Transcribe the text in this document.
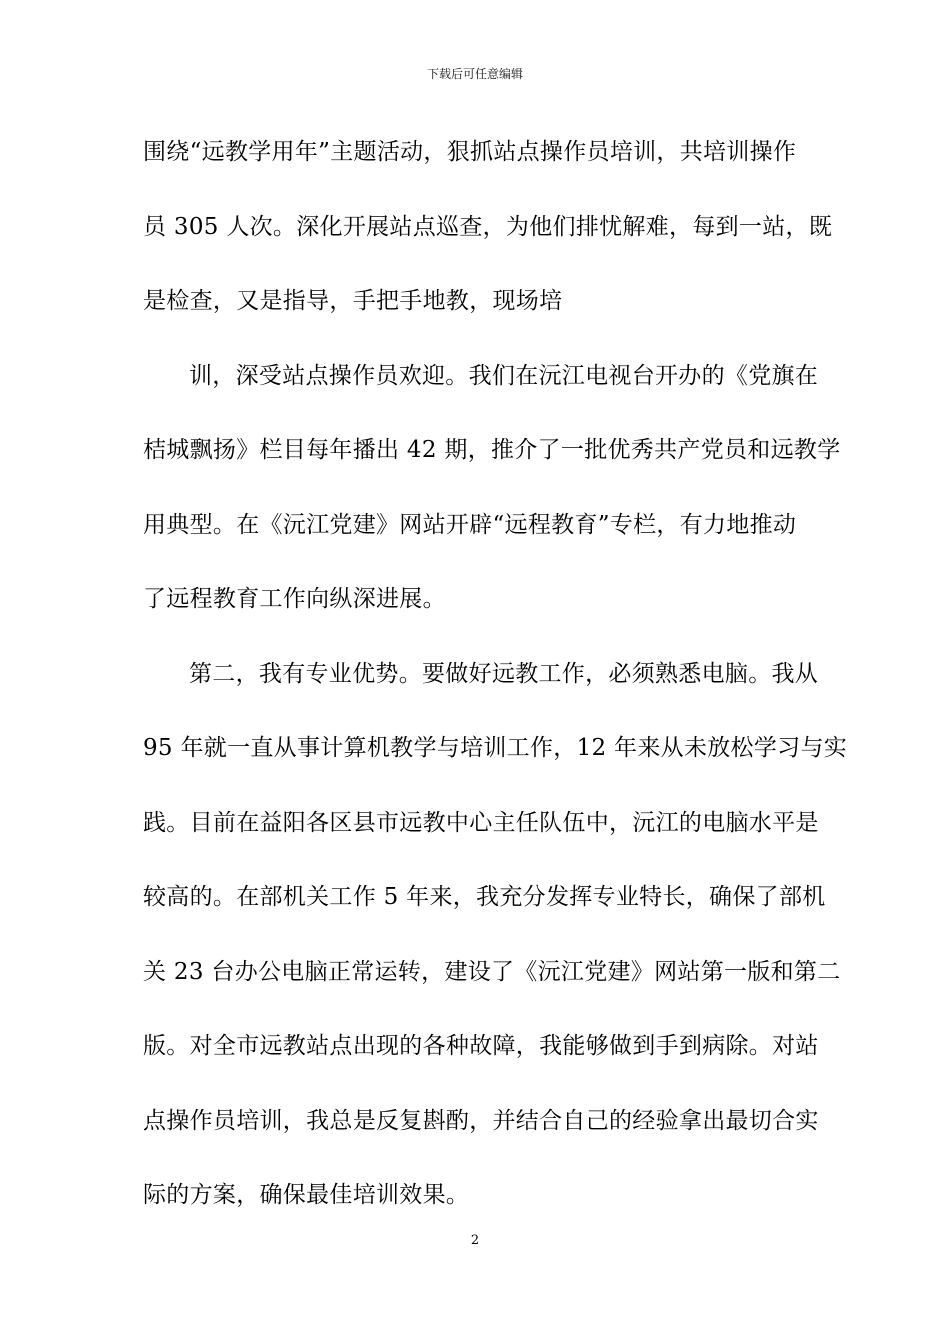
下载后可任意编辑
围绕“远教学用年”主题活动，狠抓站点操作员培训，共培训操作
员 305 人次。深化开展站点巡查，为他们排忧解难，每到一站，既
是检查，又是指导，手把手地教，现场培
训，深受站点操作员欢迎。我们在沅江电视台开办的《党旗在
桔城飘扬》栏目每年播出 42 期，推介了一批优秀共产党员和远教学
用典型。在《沅江党建》网站开辟“远程教育”专栏，有力地推动
了远程教育工作向纵深进展。
第二，我有专业优势。要做好远教工作，必须熟悉电脑。我从
95 年就一直从事计算机教学与培训工作，12 年来从未放松学习与实
践。目前在益阳各区县市远教中心主任队伍中，沅江的电脑水平是
较高的。在部机关工作 5 年来，我充分发挥专业特长，确保了部机
关 23 台办公电脑正常运转，建设了《沅江党建》网站第一版和第二
版。对全市远教站点出现的各种故障，我能够做到手到病除。对站
点操作员培训，我总是反复斟酌，并结合自己的经验拿出最切合实
际的方案，确保最佳培训效果。
2
